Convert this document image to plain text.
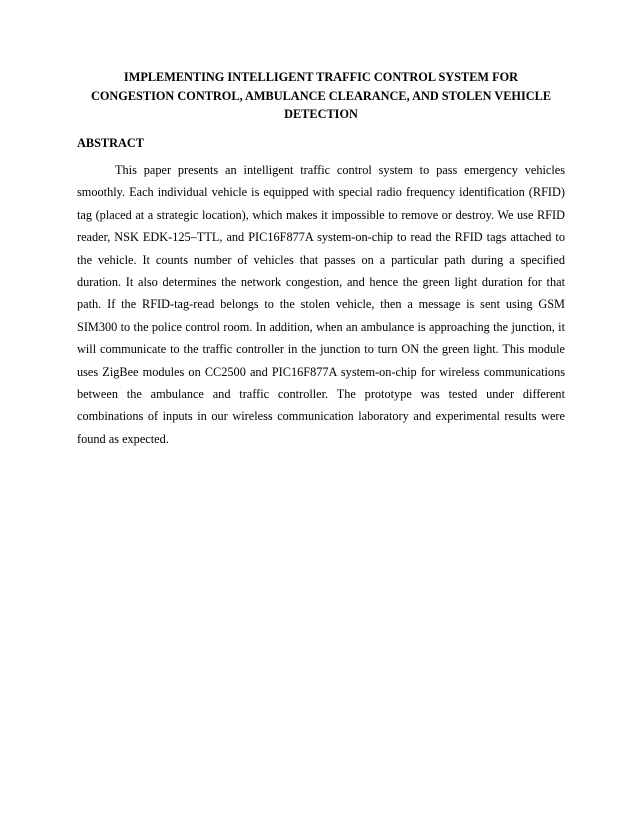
IMPLEMENTING INTELLIGENT TRAFFIC CONTROL SYSTEM FOR
CONGESTION CONTROL, AMBULANCE CLEARANCE, AND STOLEN VEHICLE
DETECTION
ABSTRACT

This paper presents an intelligent traffic control system to pass emergency vehicles smoothly. Each individual vehicle is equipped with special radio frequency identification (RFID) tag (placed at a strategic location), which makes it impossible to remove or destroy. We use RFID reader, NSK EDK-125–TTL, and PIC16F877A system-on-chip to read the RFID tags attached to the vehicle. It counts number of vehicles that passes on a particular path during a specified duration. It also determines the network congestion, and hence the green light duration for that path. If the RFID-tag-read belongs to the stolen vehicle, then a message is sent using GSM SIM300 to the police control room. In addition, when an ambulance is approaching the junction, it will communicate to the traffic controller in the junction to turn ON the green light. This module uses ZigBee modules on CC2500 and PIC16F877A system-on-chip for wireless communications between the ambulance and traffic controller. The prototype was tested under different combinations of inputs in our wireless communication laboratory and experimental results were found as expected.
